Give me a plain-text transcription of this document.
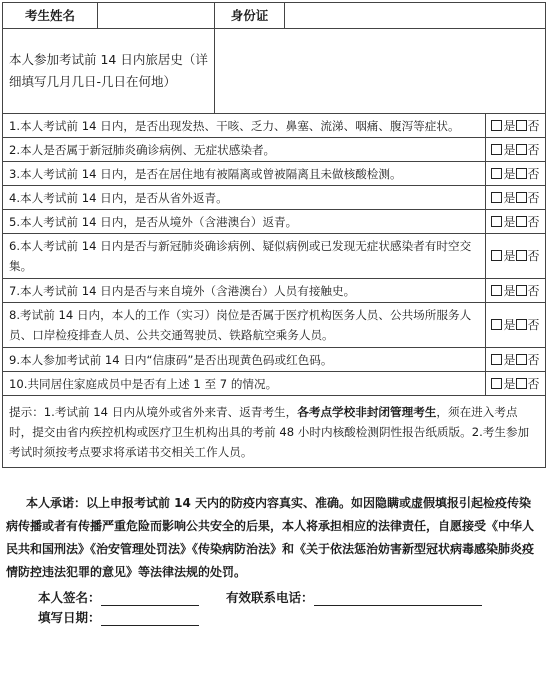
考生姓名		身份证		

本人参加考试前 14 日内旅居史（详
细填写几月几日-几日在何地）				

1.本人考试前 14 日内，是否出现发热、干咳、乏力、鼻塞、流涕、咽痛、腹泻等症状。				是 否
2.本人是否属于新冠肺炎确诊病例、无症状感染者。				是 否
3.本人考试前 14 日内，是否在居住地有被隔离或曾被隔离且未做核酸检测。				是 否
4.本人考试前 14 日内，是否从省外返青。				是 否
5.本人考试前 14 日内，是否从境外（含港澳台）返青。				是 否
6.本人考试前 14 日内是否与新冠肺炎确诊病例、疑似病例或已发现无症状感染者有时空交集。				是 否
7.本人考试前 14 日内是否与来自境外（含港澳台）人员有接触史。				是 否
8.考试前 14 日内，本人的工作（实习）岗位是否属于医疗机构医务人员、公共场所服务人员、口岸检疫排查人员、公共交通驾驶员、铁路航空乘务人员。				是 否
9.本人参加考试前 14 日内“信康码”是否出现黄色码或红色码。				是 否
10.共同居住家庭成员中是否有上述 1 至 7 的情况。				是 否
提示：1.考试前 14 日内从境外或省外来青、返青考生，各考点学校非封闭管理考生，须在进入考点时，提交由省内疾控机构或医疗卫生机构出具的考前 48 小时内核酸检测阴性报告纸质版。2.考生参加考试时须按考点要求将承诺书交相关工作人员。				
本人承诺：以上申报考试前 14 天内的防疫内容真实、准确。如因隐瞒或虚假填报引起检疫传染病传播或者有传播严重危险而影响公共安全的后果，本人将承担相应的法律责任，自愿接受《中华人民共和国刑法》《治安管理处罚法》《传染病防治法》和《关于依法惩治妨害新型冠状病毒感染肺炎疫情防控违法犯罪的意见》等法律法规的处罚。
本人签名：	有效联系电话：
填写日期：
